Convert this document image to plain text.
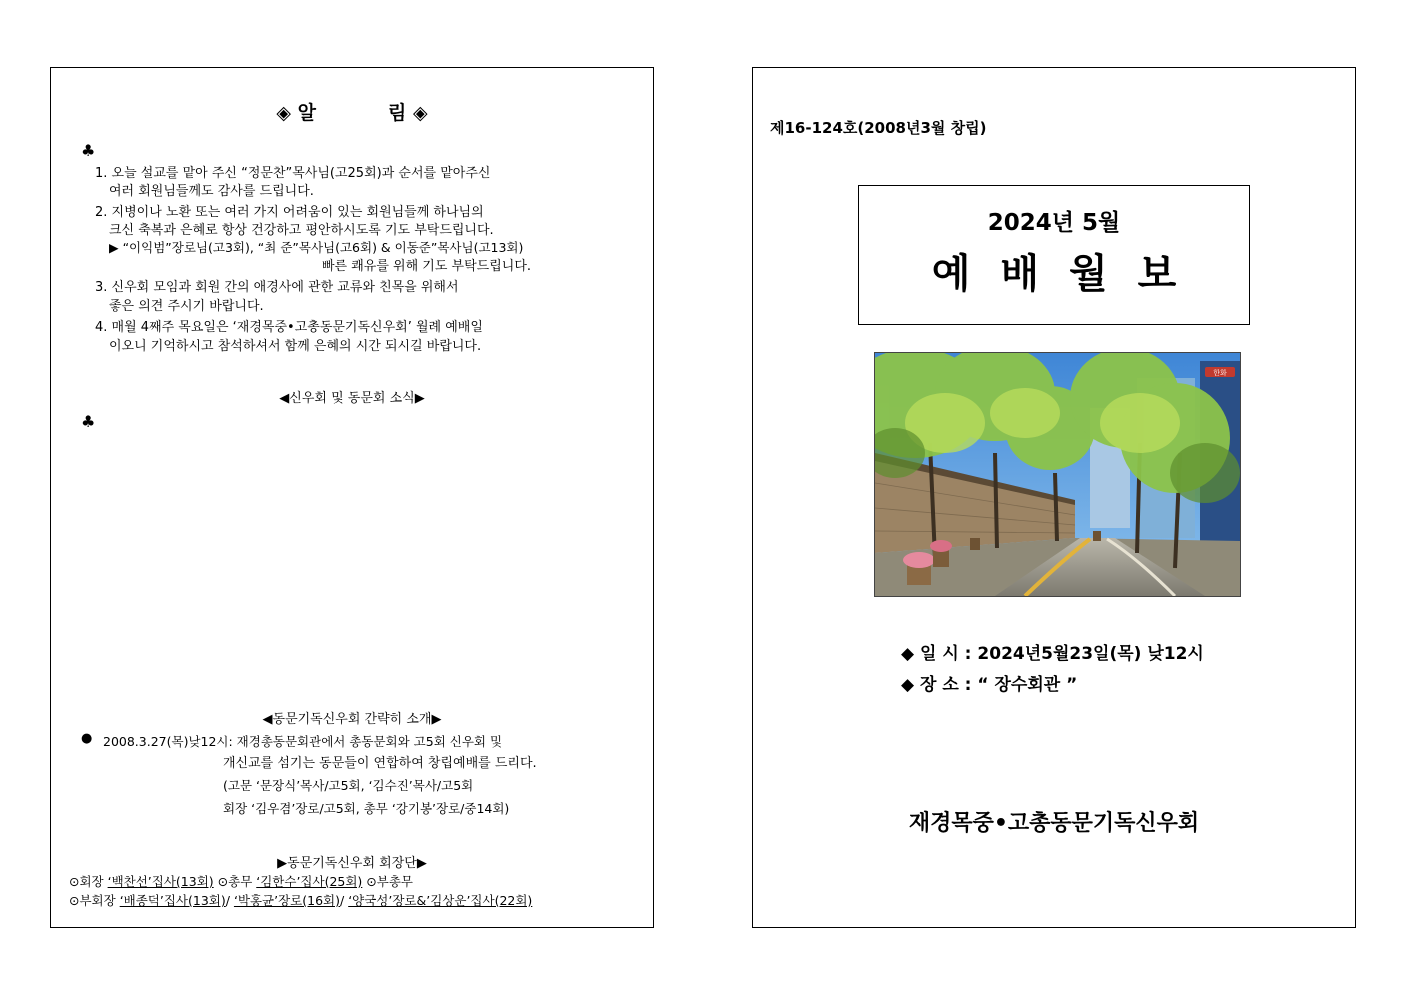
◈ 알	림 ◈
♣
1. 오늘 설교를 맡아 주신 “정문찬”목사님(고25회)과 순서를 맡아주신
여러 회원님들께도 감사를 드립니다.
2. 지병이나 노환 또는 여러 가지 어려움이 있는 회원님들께 하나님의
크신 축복과 은혜로 항상 건강하고 평안하시도록 기도 부탁드립니다.
▶ “이익범”장로님(고3회), “최 준”목사님(고6회) & 이동준”목사님(고13회)
빠른 쾌유를 위해 기도 부탁드립니다.
3. 신우회 모임과 회원 간의 애경사에 관한 교류와 친목을 위해서
좋은 의견 주시기 바랍니다.
4. 매월 4째주 목요일은 ‘재경목중•고총동문기독신우회’ 월례 예배일
이오니 기억하시고 참석하셔서 함께 은혜의 시간 되시길 바랍니다.
◀신우회 및 동문회 소식▶
♣
◀동문기독신우회 간략히 소개▶
● 2008.3.27(목)낮12시: 재경총동문회관에서 총동문회와 고5회 신우회 및
개신교를 섬기는 동문들이 연합하여 창립예배를 드리다.
(고문 ‘문장식’목사/고5회, ‘김수진’목사/고5회
회장 ‘김우겸’장로/고5회, 총무 ‘강기봉’장로/중14회)
▶동문기독신우회 회장단▶
⊙회장 ‘백찬선’집사(13회) ⊙총무 ‘김한수’집사(25회) ⊙부총무
⊙부회장 ‘배종덕’집사(13회)/ ‘박홍균’장로(16회)/ ‘양국성’장로&’김상운’집사(22회)
제16-124호(2008년3월 창립)
2024년 5월
예배월보
한화
◆ 일 시 : 2024년5월23일(목) 낮12시
◆ 장 소 : “ 장수회관 ”
재경목중•고총동문기독신우회
